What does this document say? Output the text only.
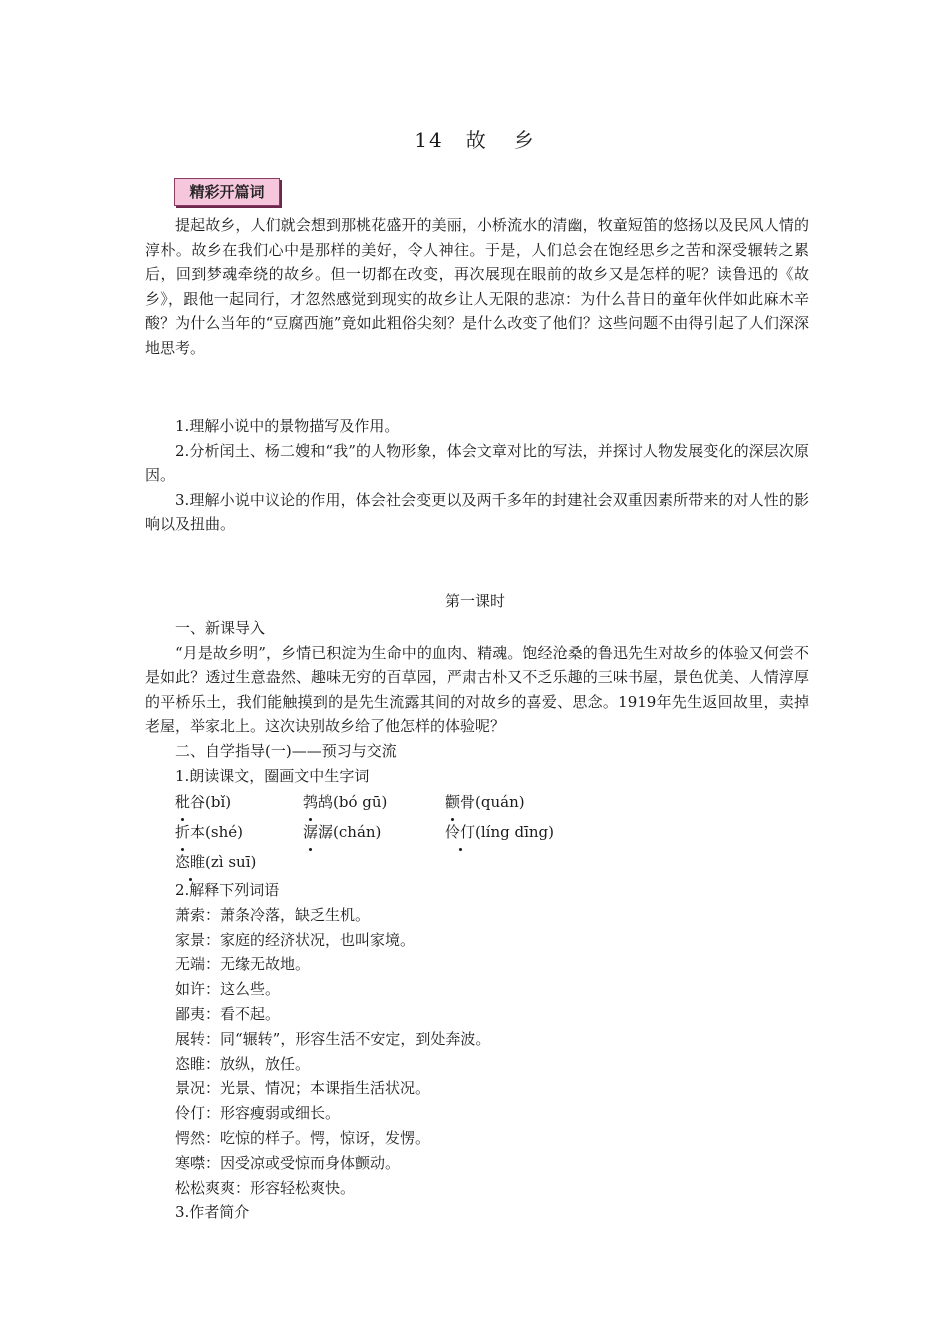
14 故 乡
精彩开篇词

提起故乡，人们就会想到那桃花盛开的美丽，小桥流水的清幽，牧童短笛的悠扬以及民风人情的淳朴。故乡在我们心中是那样的美好，令人神往。于是，人们总会在饱经思乡之苦和深受辗转之累后，回到梦魂牵绕的故乡。但一切都在改变，再次展现在眼前的故乡又是怎样的呢？读鲁迅的《故乡》，跟他一起同行，才忽然感觉到现实的故乡让人无限的悲凉：为什么昔日的童年伙伴如此麻木辛酸？为什么当年的“豆腐西施”竟如此粗俗尖刻？是什么改变了他们？这些问题不由得引起了人们深深地思考。

1.理解小说中的景物描写及作用。

2.分析闰土、杨二嫂和“我”的人物形象，体会文章对比的写法，并探讨人物发展变化的深层次原因。

3.理解小说中议论的作用，体会社会变更以及两千多年的封建社会双重因素所带来的对人性的影响以及扭曲。

第一课时

一、新课导入

“月是故乡明”，乡情已积淀为生命中的血肉、精魂。饱经沧桑的鲁迅先生对故乡的体验又何尝不是如此？透过生意盎然、趣味无穷的百草园，严肃古朴又不乏乐趣的三味书屋，景色优美、人情淳厚的平桥乐土，我们能触摸到的是先生流露其间的对故乡的喜爱、思念。1919年先生返回故里，卖掉老屋，举家北上。这次诀别故乡给了他怎样的体验呢？

二、自学指导(一)——预习与交流

1.朗读课文，圈画文中生字词

秕谷(bǐ)	鹁鸪(bó gū)	颧骨(quán)
折本(shé)	潺潺(chán)	伶仃(líng dīng)
恣睢(zì suī)

2.解释下列词语

萧索：萧条冷落，缺乏生机。

家景：家庭的经济状况，也叫家境。

无端：无缘无故地。

如许：这么些。

鄙夷：看不起。

展转：同“辗转”，形容生活不安定，到处奔波。

恣睢：放纵，放任。

景况：光景、情况；本课指生活状况。

伶仃：形容瘦弱或细长。

愕然：吃惊的样子。愕，惊讶，发愣。

寒噤：因受凉或受惊而身体颤动。

松松爽爽：形容轻松爽快。

3.作者简介
